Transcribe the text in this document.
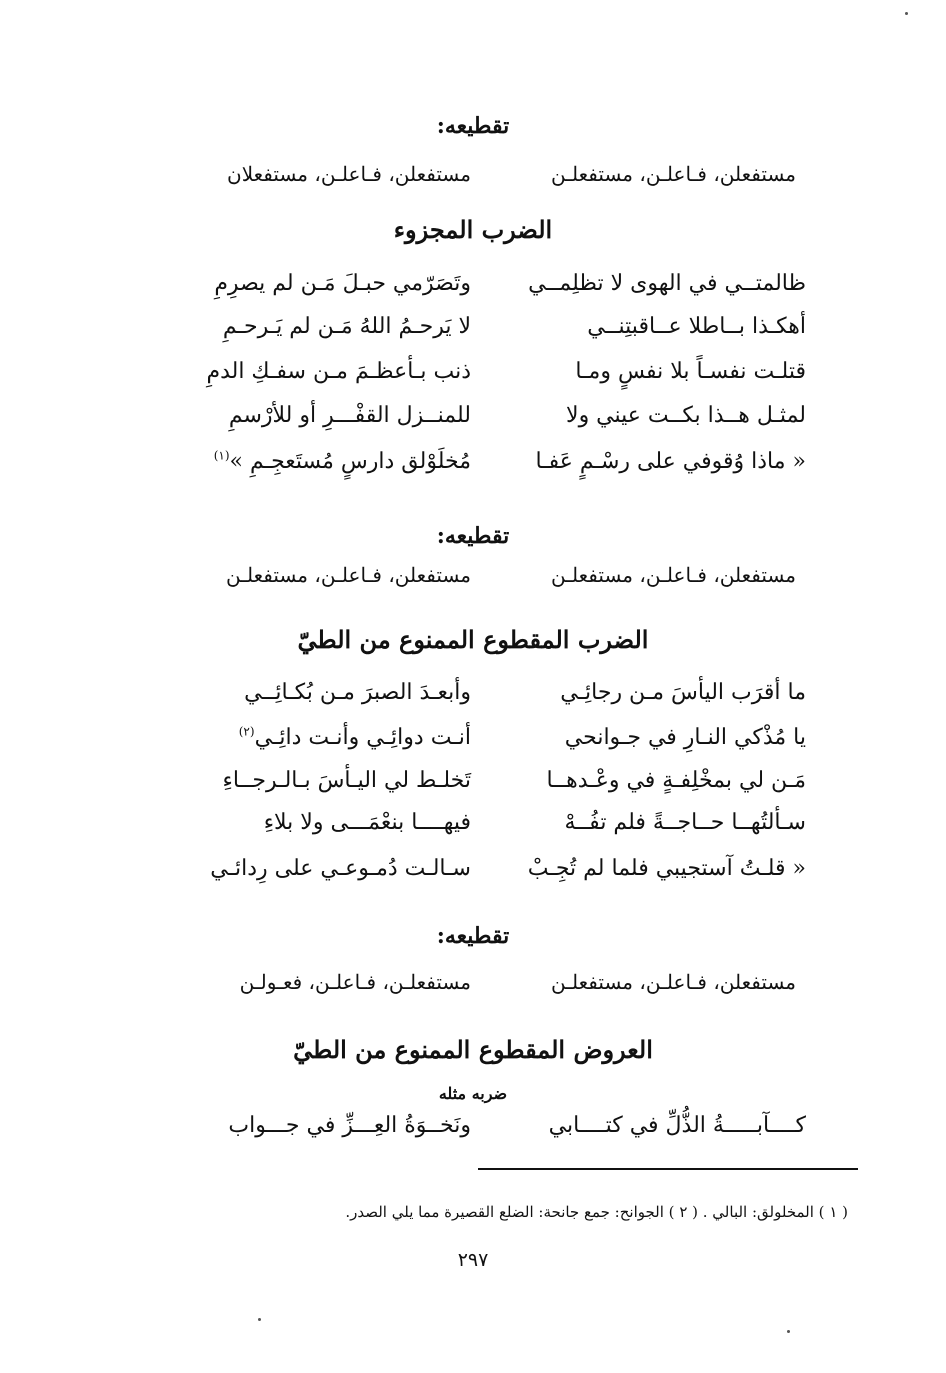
تقطيعه:
مستفعلن، فـاعلـن، مستفعلـن
مستفعلن، فـاعلـن، مستفعلان
الضرب المجزوء
ظالمتــي في الهوى لا تظلِمــي
وتَصَرّمي حبـلَ مَـن لم يصرِمِ
أهكـذا بــاطلا عــاقبتِنــي
لا يَرحـمُ اللهُ مَـن لم يَـرحـمِ
قتلـت نفسـاً بلا نفسٍ ومـا
ذنب بـأعظـمَ مـن سفـكِ الدمِ
لمثـل هــذا بكــت عيني ولا
للمنــزل القفْـــرِ أو للأرْسمِ
« ماذا وُقوفي على رسْـمٍ عَفـا
مُخلَوْلق دارسٍ مُستَعجِـمِ »$^{(١)}$
تقطيعه:
مستفعلن، فـاعلـن، مستفعلـن
مستفعلن، فـاعلـن، مستفعلـن
الضرب المقطوع الممنوع من الطيّ
ما أقرَب اليأسَ مـن رجائِـي
وأبعـدَ الصبرَ مـن بُكـائِــي
يا مُذْكي النـارِ في جـوانحي
أنـت دوائِـي وأنـت دائِـي$^{(٢)}$
مَـن لي بمخْلِفـةٍ في وعْـدهــا
تَخلـط لي اليـأسَ بـالـرجــاءِ
سـألتُهــا حــاجــةً فلم تفُــهْ
فيهــــا بنعْمَـــى ولا بلاءِ
« قلـتُ آستجيبي فلما لم تُجِـبْ
سـالـت دُمـوعـي على رِدائـي
تقطيعه:
مستفعلن، فـاعلـن، مستفعلـن
مستفعلـن، فـاعلـن، فعـولـن
العروض المقطوع الممنوع من الطيّ
ضربه مثله
كــــآبـــــةُ الذُّلِّ في كتــــابي
ونَخــوَةُ العِـــزِّ في جـــواب
( ١ ) المخلولق: البالي . ( ٢ ) الجوانح: جمع جانحة: الضلع القصيرة مما يلي الصدر.
٢٩٧
